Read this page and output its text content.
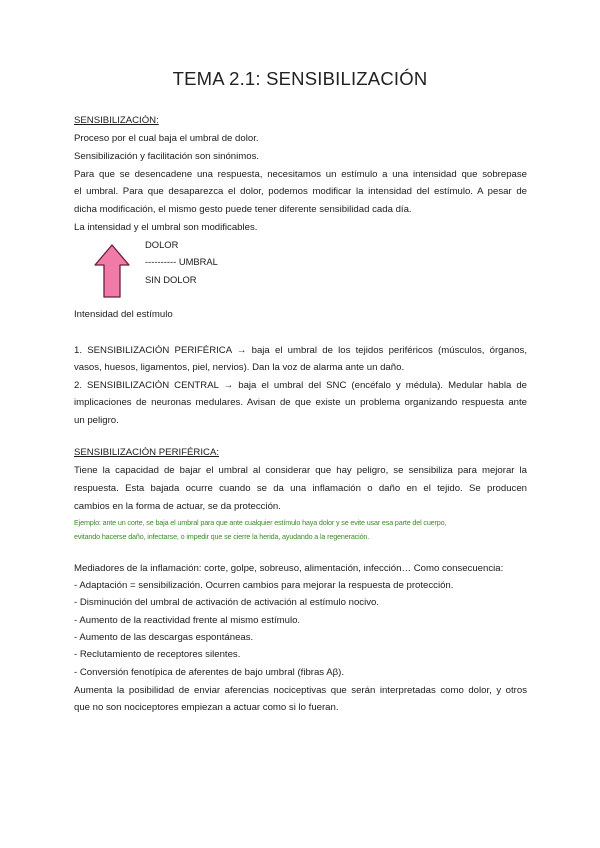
TEMA 2.1: SENSIBILIZACIÓN
SENSIBILIZACIÓN:
Proceso por el cual baja el umbral de dolor.
Sensibilización y facilitación son sinónimos.
Para que se desencadene una respuesta, necesitamos un estímulo a una intensidad que sobrepase
el umbral. Para que desaparezca el dolor, podemos modificar la intensidad del estímulo. A pesar de
dicha modificación, el mismo gesto puede tener diferente sensibilidad cada día.
La intensidad y el umbral son modificables.
DOLOR
---------- UMBRAL
SIN DOLOR
Intensidad del estímulo
1. SENSIBILIZACIÓN PERIFÉRICA → baja el umbral de los tejidos periféricos (músculos, órganos,
vasos, huesos, ligamentos, piel, nervios). Dan la voz de alarma ante un daño.
2. SENSIBILIZACIÓN CENTRAL → baja el umbral del SNC (encéfalo y médula). Medular habla de
implicaciones de neuronas medulares. Avisan de que existe un problema organizando respuesta ante
un peligro.
SENSIBILIZACIÓN PERIFÉRICA:
Tiene la capacidad de bajar el umbral al considerar que hay peligro, se sensibiliza para mejorar la
respuesta. Esta bajada ocurre cuando se da una inflamación o daño en el tejido. Se producen
cambios en la forma de actuar, se da protección.
Ejemplo: ante un corte, se baja el umbral para que ante cualquier estímulo haya dolor y se evite usar esa parte del cuerpo,
evitando hacerse daño, infectarse, o impedir que se cierre la herida, ayudando a la regeneración.
Mediadores de la inflamación: corte, golpe, sobreuso, alimentación, infección… Como consecuencia:
- Adaptación = sensibilización. Ocurren cambios para mejorar la respuesta de protección.
- Disminución del umbral de activación de activación al estímulo nocivo.
- Aumento de la reactividad frente al mismo estímulo.
- Aumento de las descargas espontáneas.
- Reclutamiento de receptores silentes.
- Conversión fenotípica de aferentes de bajo umbral (fibras Aβ).
Aumenta la posibilidad de enviar aferencias nociceptivas que serán interpretadas como dolor, y otros
que no son nociceptores empiezan a actuar como si lo fueran.
